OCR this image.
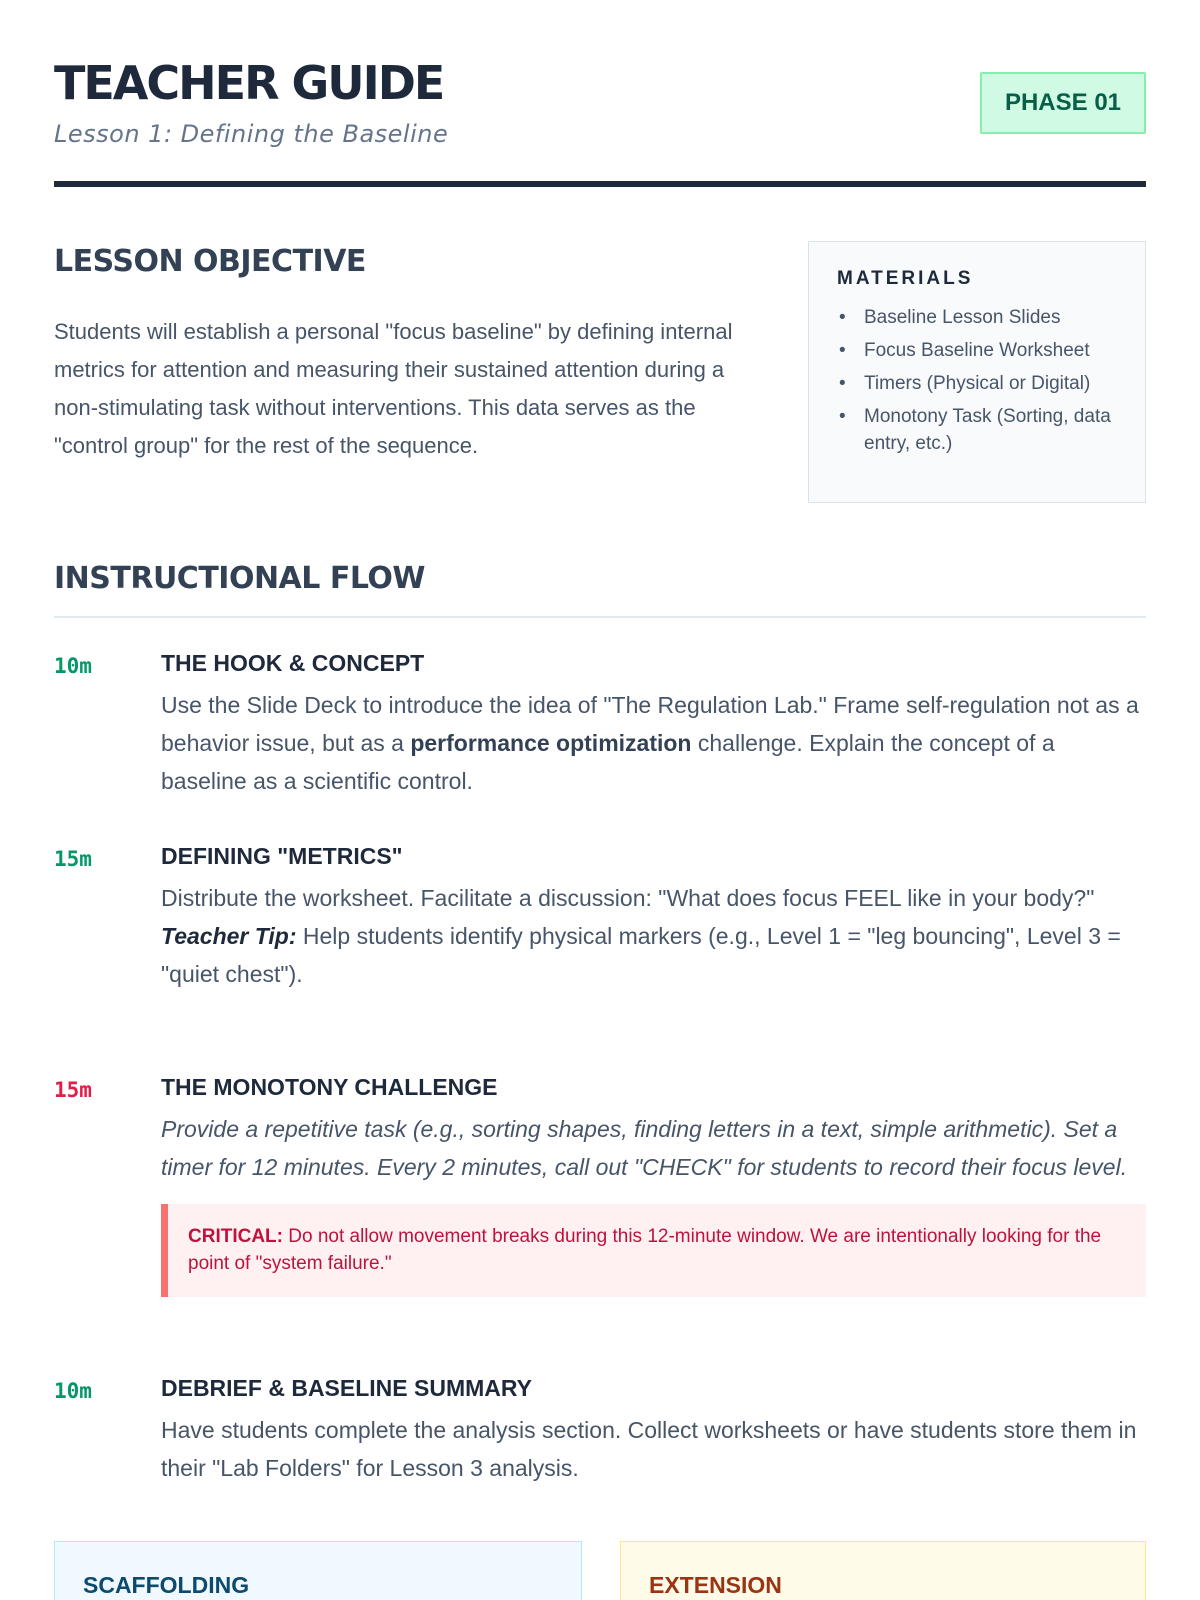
TEACHER GUIDE
Lesson 1: Defining the Baseline
PHASE 01
LESSON OBJECTIVE

Students will establish a personal "focus baseline" by defining internal metrics for attention and measuring their sustained attention during a non-stimulating task without interventions. This data serves as the "control group" for the rest of the sequence.

MATERIALS
• Baseline Lesson Slides
• Focus Baseline Worksheet
• Timers (Physical or Digital)
• Monotony Task (Sorting, data entry, etc.)
INSTRUCTIONAL FLOW
10m	THE HOOK & CONCEPT

Use the Slide Deck to introduce the idea of "The Regulation Lab." Frame self-regulation not as a behavior issue, but as a performance optimization challenge. Explain the concept of a baseline as a scientific control.

15m	DEFINING "METRICS"

Distribute the worksheet. Facilitate a discussion: "What does focus FEEL like in your body?"

Teacher Tip: Help students identify physical markers (e.g., Level 1 = "leg bouncing", Level 3 = "quiet chest").

15m	THE MONOTONY CHALLENGE

Provide a repetitive task (e.g., sorting shapes, finding letters in a text, simple arithmetic). Set a timer for 12 minutes. Every 2 minutes, call out "CHECK" for students to record their focus level.

CRITICAL: Do not allow movement breaks during this 12-minute window. We are intentionally looking for the point of "system failure."
10m	DEBRIEF & BASELINE SUMMARY

Have students complete the analysis section. Collect worksheets or have students store them in their "Lab Folders" for Lesson 3 analysis.

SCAFFOLDING	EXTENSION
